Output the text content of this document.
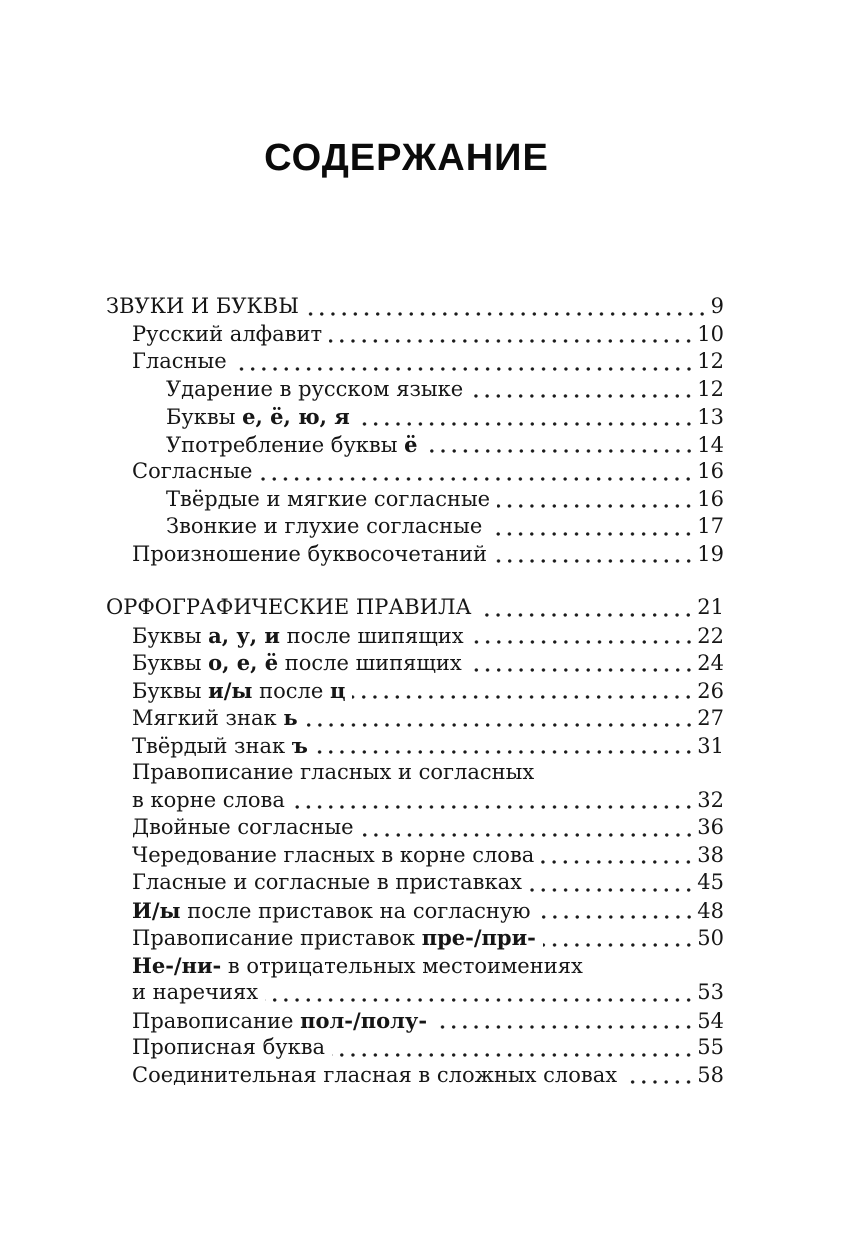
СОДЕРЖАНИЕ
ЗВУКИ И БУКВЫ	9
Русский алфавит	10
Гласные	12
Ударение в русском языке	12
Буквы е, ё, ю, я	13
Употребление буквы ё	14
Согласные	16
Твёрдые и мягкие согласные	16
Звонкие и глухие согласные	17
Произношение буквосочетаний	19
ОРФОГРАФИЧЕСКИЕ ПРАВИЛА	21
Буквы а, у, и после шипящих	22
Буквы о, е, ё после шипящих	24
Буквы и/ы после ц	26
Мягкий знак ь	27
Твёрдый знак ъ	31
Правописание гласных и согласных
в корне слова	32
Двойные согласные	36
Чередование гласных в корне слова	38
Гласные и согласные в приставках	45
И/ы после приставок на согласную	48
Правописание приставок пре-/при-	50
Не-/ни- в отрицательных местоимениях
и наречиях	53
Правописание пол-/полу-	54
Прописная буква	55
Соединительная гласная в сложных словах	58
